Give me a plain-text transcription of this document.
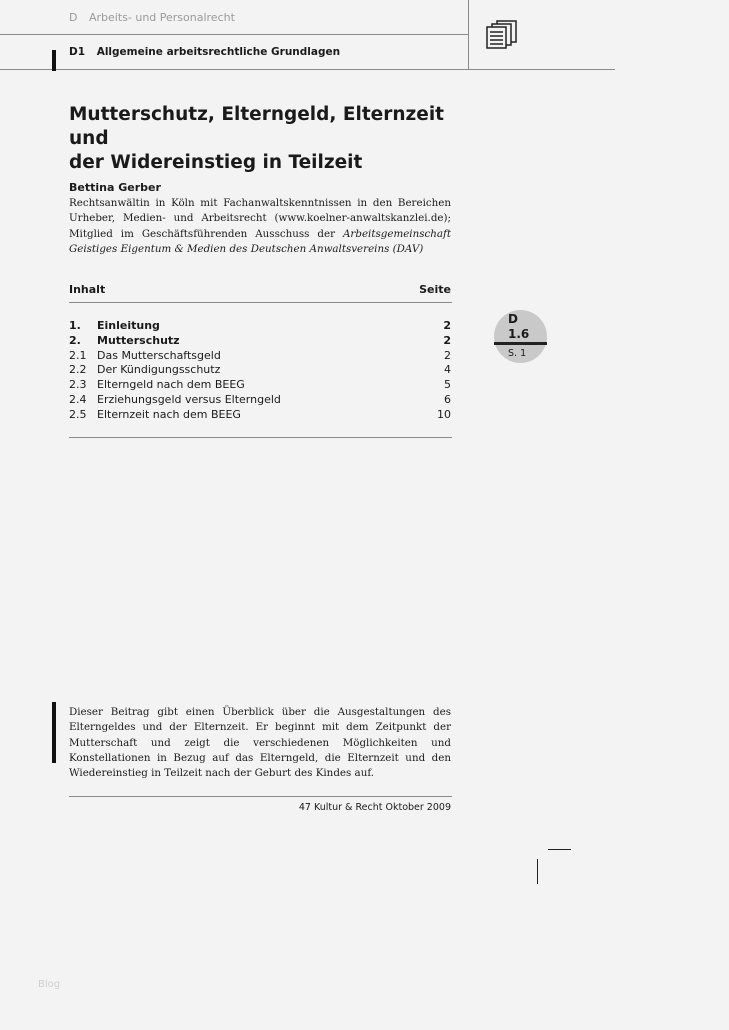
D Arbeits- und Personalrecht
D1 Allgemeine arbeitsrechtliche Grundlagen
Mutterschutz, Elterngeld, Elternzeit und
der Widereinstieg in Teilzeit
Bettina Gerber
Rechtsanwältin in Köln mit Fachanwaltskenntnissen in den Bereichen Urheber, Medien- und Arbeitsrecht (www.koelner-anwaltskanzlei.de); Mitglied im Geschäftsführenden Ausschuss der Arbeitsgemeinschaft Geistiges Eigentum & Medien des Deutschen Anwaltsvereins (DAV)
Inhalt	Seite
1. Einleitung	2
2. Mutterschutz	2
2.1 Das Mutterschaftsgeld	2
2.2 Der Kündigungsschutz	4
2.3 Elterngeld nach dem BEEG	5
2.4 Erziehungsgeld versus Elterngeld	6
2.5 Elternzeit nach dem BEEG	10
D
1.6
S. 1
Dieser Beitrag gibt einen Überblick über die Ausgestaltungen des Elterngeldes und der Elternzeit. Er beginnt mit dem Zeitpunkt der Mutterschaft und zeigt die verschiedenen Möglichkeiten und Konstellationen in Bezug auf das Elterngeld, die Elternzeit und den Wiedereinstieg in Teilzeit nach der Geburt des Kindes auf.
47 Kultur & Recht Oktober 2009
Blog
